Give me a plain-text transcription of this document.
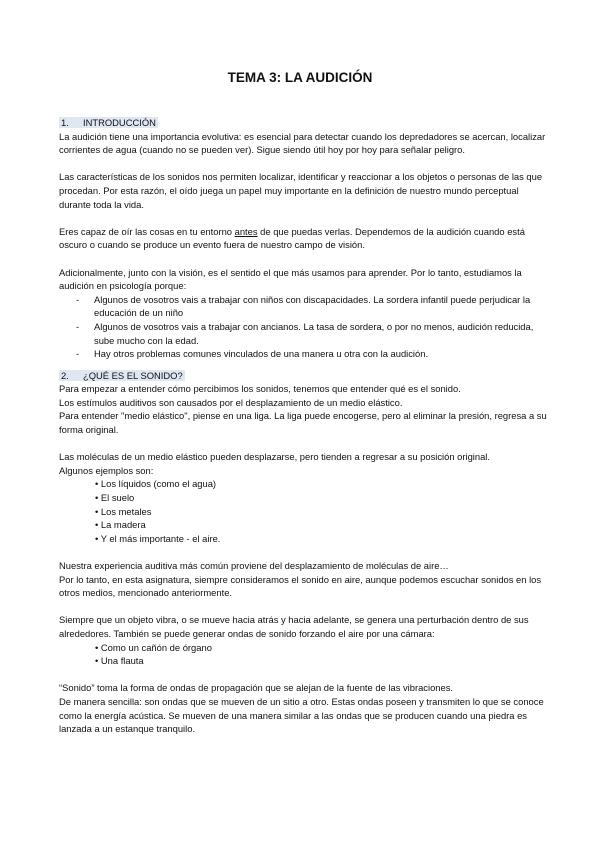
TEMA 3: LA AUDICIÓN

1. INTRODUCCIÓN

La audición tiene una importancia evolutiva: es esencial para detectar cuando los depredadores se acercan, localizar corrientes de agua (cuando no se pueden ver). Sigue siendo útil hoy por hoy para señalar peligro.

Las características de los sonidos nos permiten localizar, identificar y reaccionar a los objetos o personas de las que procedan. Por esta razón, el oído juega un papel muy importante en la definición de nuestro mundo perceptual durante toda la vida.

Eres capaz de oír las cosas en tu entorno antes de que puedas verlas. Dependemos de la audición cuando está oscuro o cuando se produce un evento fuera de nuestro campo de visión.

Adicionalmente, junto con la visión, es el sentido el que más usamos para aprender. Por lo tanto, estudiamos la audición en psicología porque:

- Algunos de vosotros vais a trabajar con niños con discapacidades. La sordera infantil puede perjudicar la educación de un niño
- Algunos de vosotros vais a trabajar con ancianos. La tasa de sordera, o por no menos, audición reducida, sube mucho con la edad.
- Hay otros problemas comunes vinculados de una manera u otra con la audición.

2. ¿QUÉ ES EL SONIDO?

Para empezar a entender cómo percibimos los sonidos, tenemos que entender qué es el sonido.

Los estímulos auditivos son causados por el desplazamiento de un medio elástico.

Para entender "medio elástico", piense en una liga. La liga puede encogerse, pero al eliminar la presión, regresa a su forma original.

Las moléculas de un medio elástico pueden desplazarse, pero tienden a regresar a su posición original.

Algunos ejemplos son:

• Los líquidos (como el agua)
• El suelo
• Los metales
• La madera
• Y el más importante - el aire.

Nuestra experiencia auditiva más común proviene del desplazamiento de moléculas de aire…

Por lo tanto, en esta asignatura, siempre consideramos el sonido en aire, aunque podemos escuchar sonidos en los otros medios, mencionado anteriormente.

Siempre que un objeto vibra, o se mueve hacia atrás y hacia adelante, se genera una perturbación dentro de sus alrededores. También se puede generar ondas de sonido forzando el aire por una cámara:

• Como un cañón de órgano
• Una flauta

“Sonido” toma la forma de ondas de propagación que se alejan de la fuente de las vibraciones.

De manera sencilla: son ondas que se mueven de un sitio a otro. Estas ondas poseen y transmiten lo que se conoce como la energía acústica. Se mueven de una manera similar a las ondas que se producen cuando una piedra es lanzada a un estanque tranquilo.
